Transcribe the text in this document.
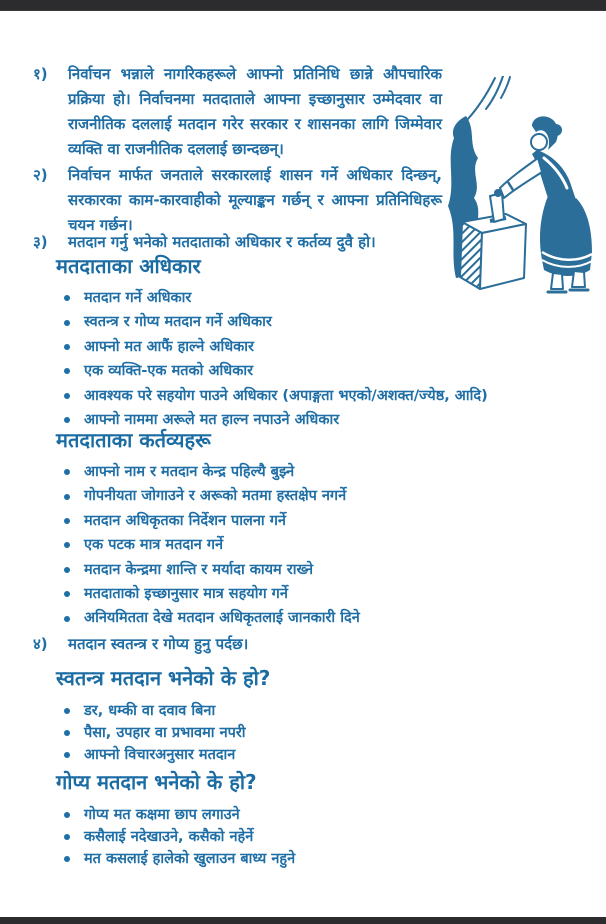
१) निर्वाचन भन्नाले नागरिकहरूले आफ्नो प्रतिनिधि छान्ने औपचारिक प्रक्रिया हो। निर्वाचनमा मतदाताले आफ्ना इच्छानुसार उम्मेदवार वा राजनीतिक दललाई मतदान गरेर सरकार र शासनका लागि जिम्मेवार व्यक्ति वा राजनीतिक दललाई छान्दछन्।
२) निर्वाचन मार्फत जनताले सरकारलाई शासन गर्ने अधिकार दिन्छन्, सरकारका काम-कारवाहीको मूल्याङ्कन गर्छन् र आफ्ना प्रतिनिधिहरू चयन गर्छन।
३) मतदान गर्नु भनेको मतदाताको अधिकार र कर्तव्य दुवै हो।
मतदाताका अधिकार
मतदान गर्ने अधिकार
स्वतन्त्र र गोप्य मतदान गर्ने अधिकार
आफ्नो मत आफैं हाल्ने अधिकार
एक व्यक्ति-एक मतको अधिकार
आवश्यक परे सहयोग पाउने अधिकार (अपाङ्गता भएको/अशक्त/ज्येष्ठ, आदि)
आफ्नो नाममा अरूले मत हाल्न नपाउने अधिकार
मतदाताका कर्तव्यहरू
आफ्नो नाम र मतदान केन्द्र पहिल्यै बुझ्ने
गोपनीयता जोगाउने र अरूको मतमा हस्तक्षेप नगर्ने
मतदान अधिकृतका निर्देशन पालना गर्ने
एक पटक मात्र मतदान गर्ने
मतदान केन्द्रमा शान्ति र मर्यादा कायम राख्ने
मतदाताको इच्छानुसार मात्र सहयोग गर्ने
अनियमितता देखे मतदान अधिकृतलाई जानकारी दिने
४) मतदान स्वतन्त्र र गोप्य हुनु पर्दछ।
स्वतन्त्र मतदान भनेको के हो?
डर, धम्की वा दवाव बिना
पैसा, उपहार वा प्रभावमा नपरी
आफ्नो विचारअनुसार मतदान
गोप्य मतदान भनेको के हो?
गोप्य मत कक्षमा छाप लगाउने
कसैलाई नदेखाउने, कसैको नहेर्ने
मत कसलाई हालेको खुलाउन बाध्य नहुने
